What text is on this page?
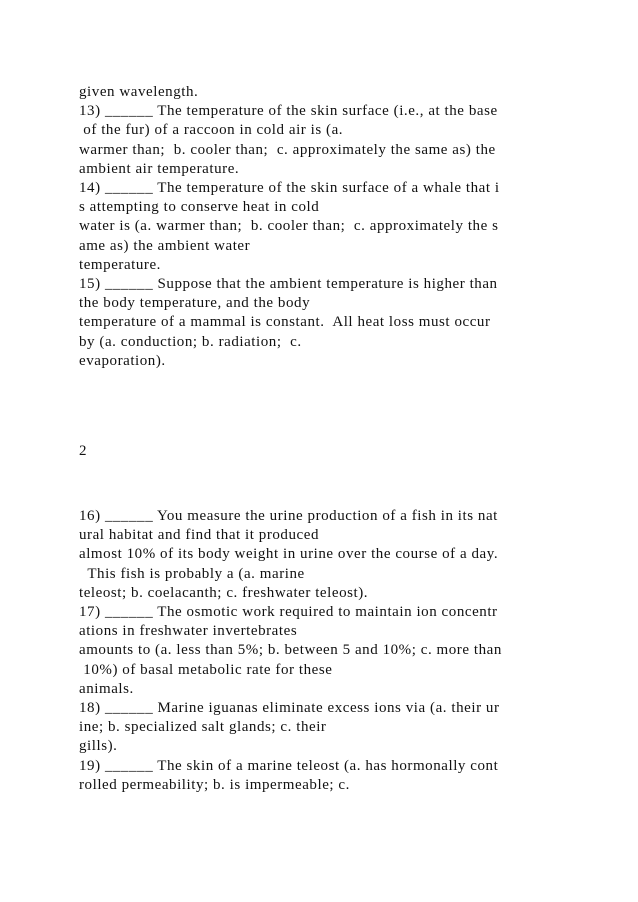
given wavelength.
13) ______ The temperature of the skin surface (i.e., at the base
of the fur) of a raccoon in cold air is (a.
warmer than;  b. cooler than;  c. approximately the same as) the
ambient air temperature.
14) ______ The temperature of the skin surface of a whale that i
s attempting to conserve heat in cold
water is (a. warmer than;  b. cooler than;  c. approximately the s
ame as) the ambient water
temperature.
15) ______ Suppose that the ambient temperature is higher than
the body temperature, and the body
temperature of a mammal is constant.  All heat loss must occur
by (a. conduction; b. radiation;  c.
evaporation).
2
16) ______ You measure the urine production of a fish in its nat
ural habitat and find that it produced
almost 10% of its body weight in urine over the course of a day.
This fish is probably a (a. marine
teleost; b. coelacanth; c. freshwater teleost).
17) ______ The osmotic work required to maintain ion concentr
ations in freshwater invertebrates
amounts to (a. less than 5%; b. between 5 and 10%; c. more than
10%) of basal metabolic rate for these
animals.
18) ______ Marine iguanas eliminate excess ions via (a. their ur
ine; b. specialized salt glands; c. their
gills).
19) ______ The skin of a marine teleost (a. has hormonally cont
rolled permeability; b. is impermeable; c.
